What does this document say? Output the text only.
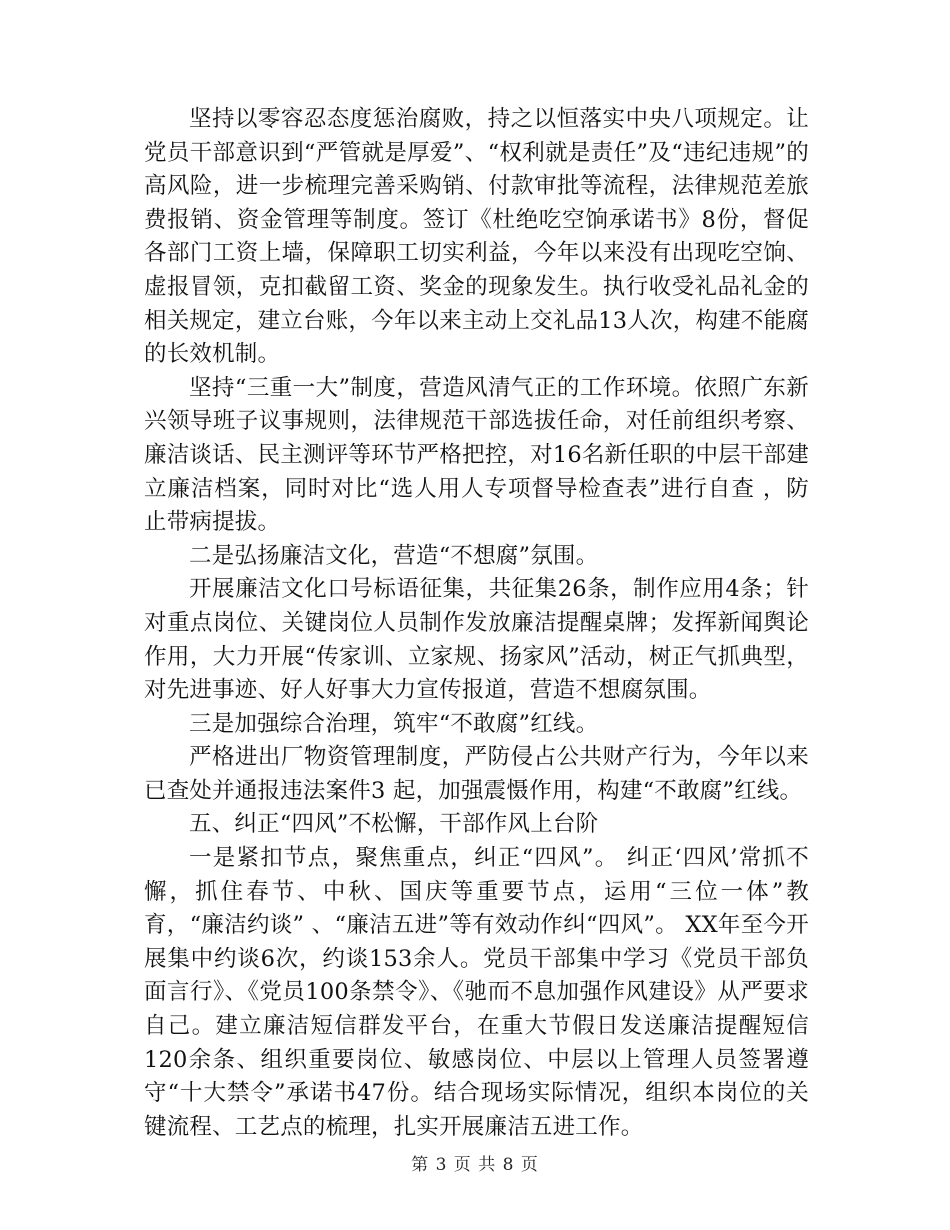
坚持以零容忍态度惩治腐败，持之以恒落实中央八项规定。让党员干部意识到“严管就是厚爱”、“权利就是责任”及“违纪违规”的高风险，进一步梳理完善采购销、付款审批等流程，法律规范差旅费报销、资金管理等制度。签订《杜绝吃空饷承诺书》8份，督促各部门工资上墙，保障职工切实利益，今年以来没有出现吃空饷、虚报冒领，克扣截留工资、奖金的现象发生。执行收受礼品礼金的相关规定，建立台账，今年以来主动上交礼品13人次，构建不能腐的长效机制。

坚持“三重一大”制度，营造风清气正的工作环境。依照广东新兴领导班子议事规则，法律规范干部选拔任命，对任前组织考察、廉洁谈话、民主测评等环节严格把控，对16名新任职的中层干部建立廉洁档案，同时对比“选人用人专项督导检查表”进行自查 ，防止带病提拔。

二是弘扬廉洁文化，营造“不想腐”氛围。

开展廉洁文化口号标语征集，共征集26条，制作应用4条；针对重点岗位、关键岗位人员制作发放廉洁提醒桌牌；发挥新闻舆论作用，大力开展“传家训、立家规、扬家风”活动，树正气抓典型，对先进事迹、好人好事大力宣传报道，营造不想腐氛围。

三是加强综合治理，筑牢“不敢腐”红线。

严格进出厂物资管理制度，严防侵占公共财产行为，今年以来已查处并通报违法案件3 起，加强震慑作用，构建“不敢腐”红线。

五、纠正“四风”不松懈，干部作风上台阶

一是紧扣节点，聚焦重点，纠正“四风”。 纠正‘四风’常抓不懈，抓住春节、中秋、国庆等重要节点，运用“三位一体”教育，“廉洁约谈” 、“廉洁五进”等有效动作纠“四风”。 XX年至今开展集中约谈6次，约谈153余人。党员干部集中学习《党员干部负面言行》、《党员100条禁令》、《驰而不息加强作风建设》从严要求自己。建立廉洁短信群发平台，在重大节假日发送廉洁提醒短信120余条、组织重要岗位、敏感岗位、中层以上管理人员签署遵守“十大禁令”承诺书47份。结合现场实际情况，组织本岗位的关键流程、工艺点的梳理，扎实开展廉洁五进工作。

第 3 页 共 8 页
